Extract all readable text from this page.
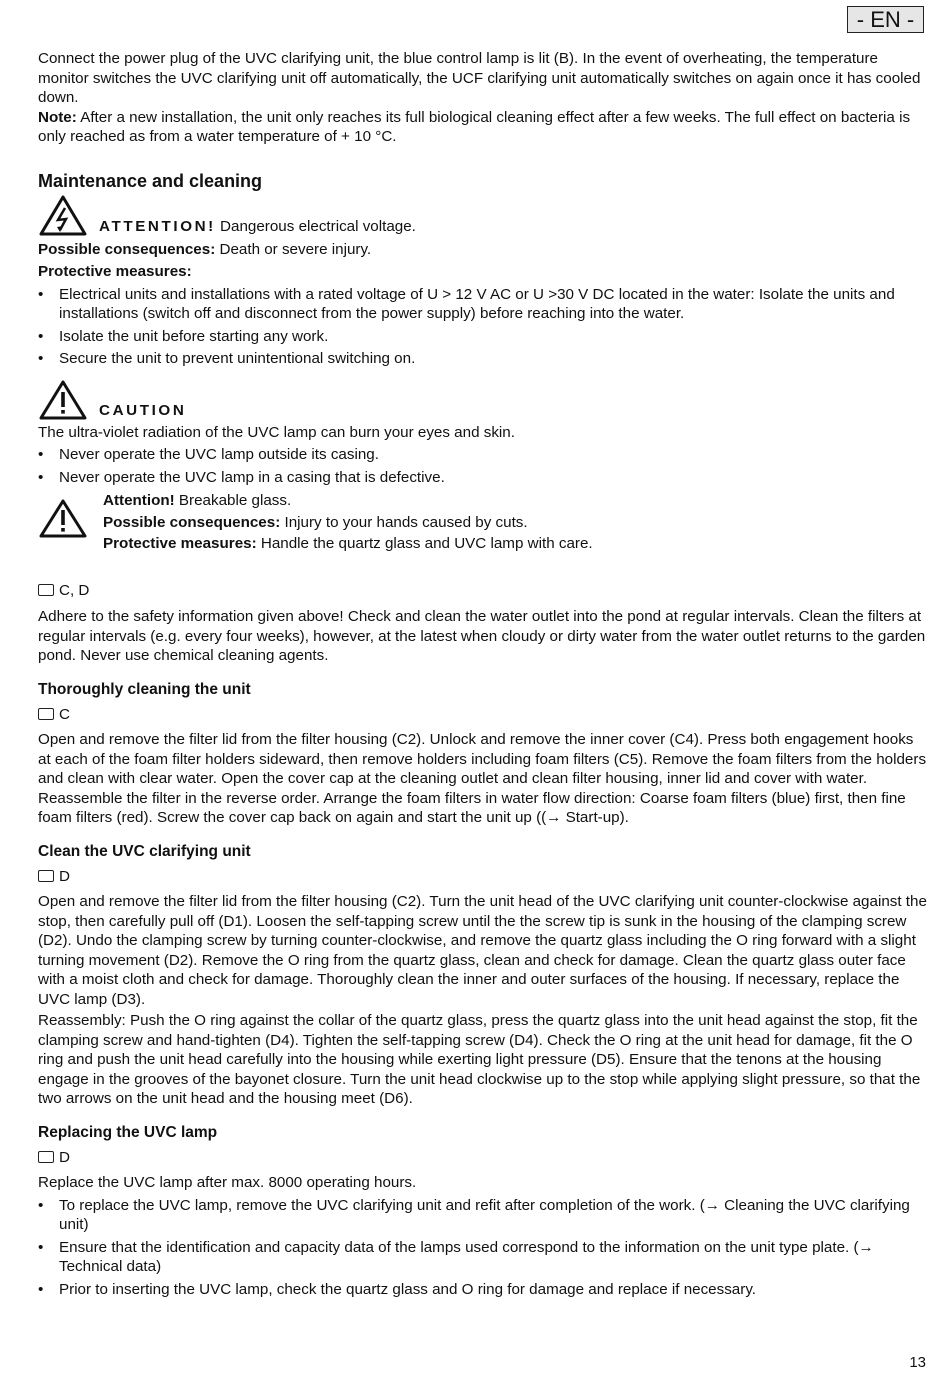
- EN -

Connect the power plug of the UVC clarifying unit, the blue control lamp is lit (B). In the event of overheating, the temperature monitor switches the UVC clarifying unit off automatically, the UCF clarifying unit automatically switches on again once it has cooled down.

Note: After a new installation, the unit only reaches its full biological cleaning effect after a few weeks. The full effect on bacteria is only reached as from a water temperature of + 10 °C.

Maintenance and cleaning

ATTENTION! Dangerous electrical voltage.

Possible consequences: Death or severe injury.

Protective measures:

• Electrical units and installations with a rated voltage of U > 12 V AC or U >30 V DC located in the water: Isolate the units and installations (switch off and disconnect from the power supply) before reaching into the water.
• Isolate the unit before starting any work.
• Secure the unit to prevent unintentional switching on.

CAUTION

The ultra-violet radiation of the UVC lamp can burn your eyes and skin.

• Never operate the UVC lamp outside its casing.
• Never operate the UVC lamp in a casing that is defective.

Attention! Breakable glass.

Possible consequences: Injury to your hands caused by cuts.

Protective measures: Handle the quartz glass and UVC lamp with care.

C, D

Adhere to the safety information given above! Check and clean the water outlet into the pond at regular intervals. Clean the filters at regular intervals (e.g. every four weeks), however, at the latest when cloudy or dirty water from the water outlet returns to the garden pond. Never use chemical cleaning agents.

Thoroughly cleaning the unit
C

Open and remove the filter lid from the filter housing (C2). Unlock and remove the inner cover (C4). Press both engagement hooks at each of the foam filter holders sideward, then remove holders including foam filters (C5). Remove the foam filters from the holders and clean with clear water. Open the cover cap at the cleaning outlet and clean filter housing, inner lid and cover with water. Reassemble the filter in the reverse order. Arrange the foam filters in water flow direction: Coarse foam filters (blue) first, then fine foam filters (red). Screw the cover cap back on again and start the unit up ((→ Start-up).

Clean the UVC clarifying unit
D

Open and remove the filter lid from the filter housing (C2). Turn the unit head of the UVC clarifying unit counter-clockwise against the stop, then carefully pull off (D1). Loosen the self-tapping screw until the the screw tip is sunk in the housing of the clamping screw (D2). Undo the clamping screw by turning counter-clockwise, and remove the quartz glass including the O ring forward with a slight turning movement (D2). Remove the O ring from the quartz glass, clean and check for damage. Clean the quartz glass outer face with a moist cloth and check for damage. Thoroughly clean the inner and outer surfaces of the housing. If necessary, replace the UVC lamp (D3).

Reassembly: Push the O ring against the collar of the quartz glass, press the quartz glass into the unit head against the stop, fit the clamping screw and hand-tighten (D4). Tighten the self-tapping screw (D4). Check the O ring at the unit head for damage, fit the O ring and push the unit head carefully into the housing while exerting light pressure (D5). Ensure that the tenons at the housing engage in the grooves of the bayonet closure. Turn the unit head clockwise up to the stop while applying slight pressure, so that the two arrows on the unit head and the housing meet (D6).

Replacing the UVC lamp
D

Replace the UVC lamp after max. 8000 operating hours.

• To replace the UVC lamp, remove the UVC clarifying unit and refit after completion of the work. (→ Cleaning the UVC clarifying unit)
• Ensure that the identification and capacity data of the lamps used correspond to the information on the unit type plate. (→ Technical data)
• Prior to inserting the UVC lamp, check the quartz glass and O ring for damage and replace if necessary.
13
